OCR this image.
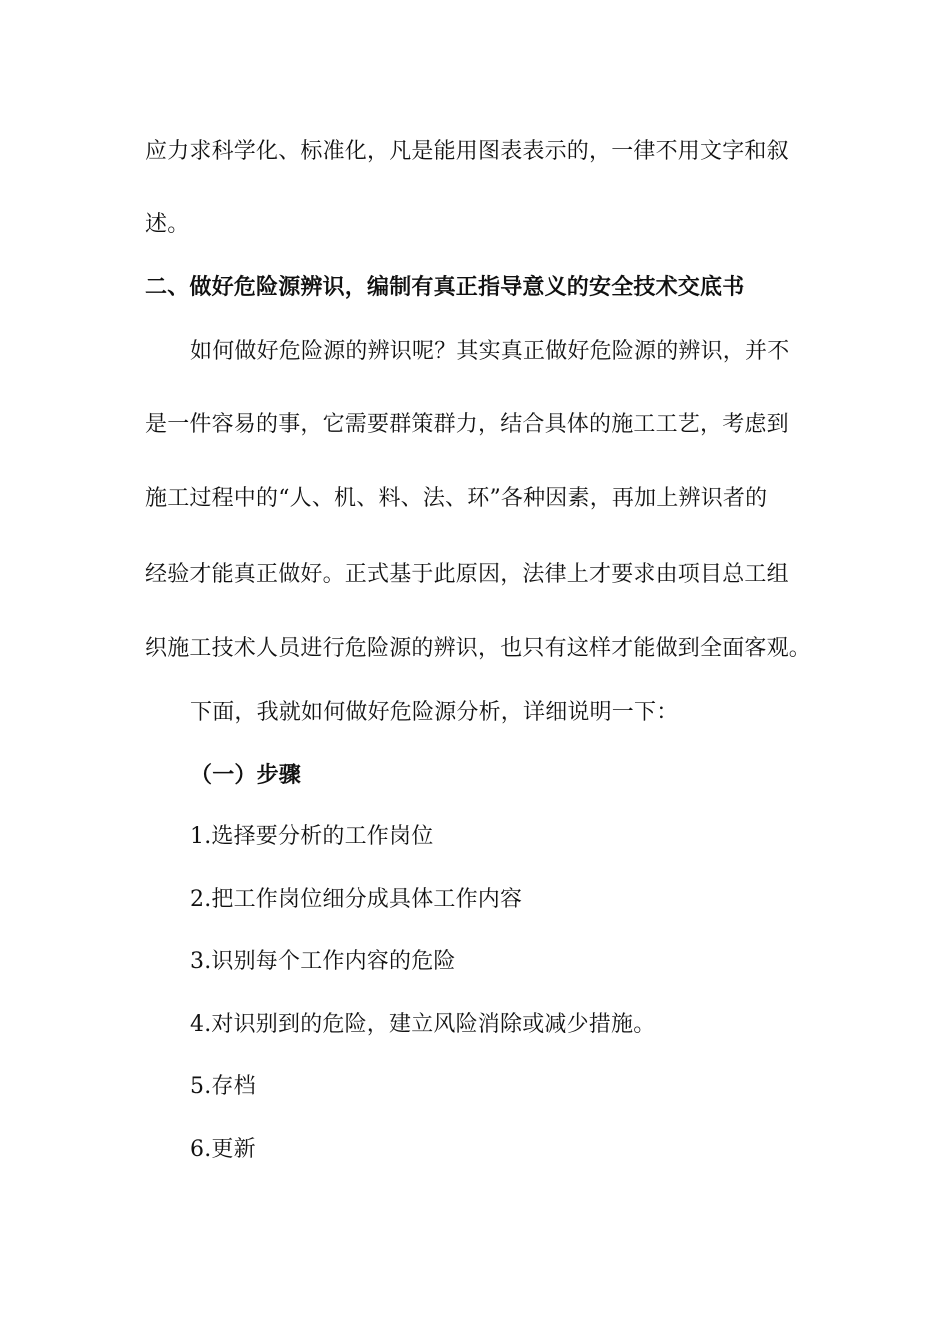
应力求科学化、标准化，凡是能用图表表示的，一律不用文字和叙
述。
二、做好危险源辨识，编制有真正指导意义的安全技术交底书
如何做好危险源的辨识呢？其实真正做好危险源的辨识，并不
是一件容易的事，它需要群策群力，结合具体的施工工艺，考虑到
施工过程中的“人、机、料、法、环”各种因素，再加上辨识者的
经验才能真正做好。正式基于此原因，法律上才要求由项目总工组
织施工技术人员进行危险源的辨识，也只有这样才能做到全面客观。
下面，我就如何做好危险源分析，详细说明一下：
（一）步骤
1.选择要分析的工作岗位
2.把工作岗位细分成具体工作内容
3.识别每个工作内容的危险
4.对识别到的危险，建立风险消除或减少措施。
5.存档
6.更新
